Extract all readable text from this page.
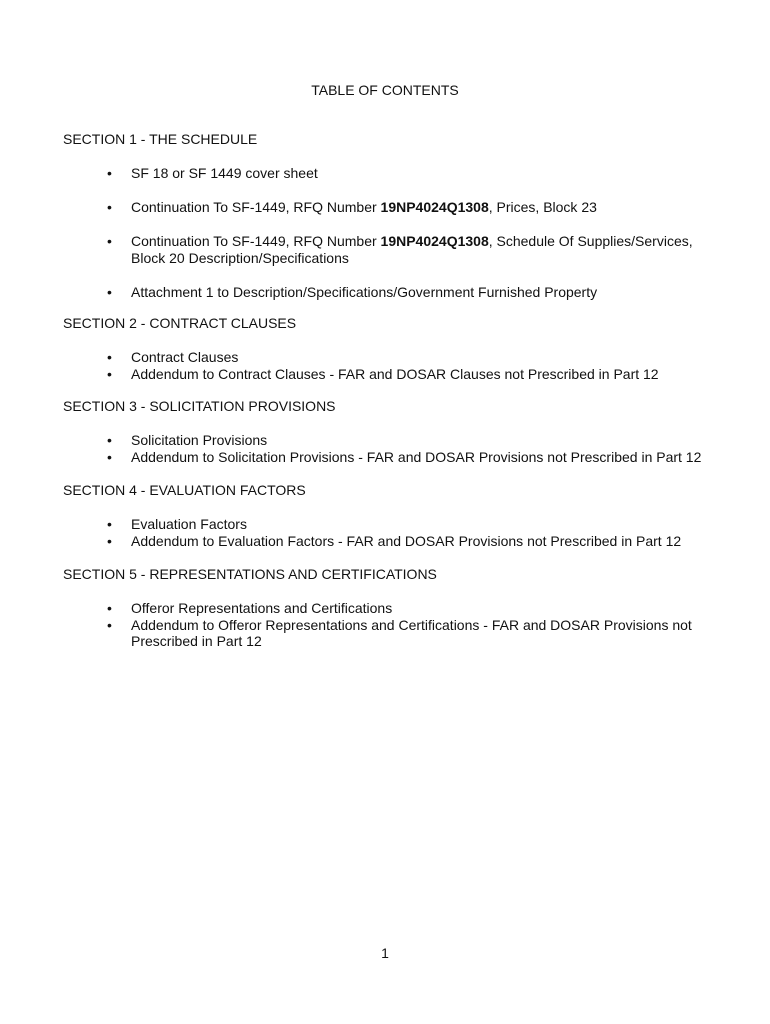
TABLE OF CONTENTS
SECTION 1 - THE SCHEDULE
• SF 18 or SF 1449 cover sheet
• Continuation To SF-1449, RFQ Number 19NP4024Q1308, Prices, Block 23
• Continuation To SF-1449, RFQ Number 19NP4024Q1308, Schedule Of Supplies/Services, Block 20 Description/Specifications
• Attachment 1 to Description/Specifications/Government Furnished Property
SECTION 2 - CONTRACT CLAUSES
• Contract Clauses
• Addendum to Contract Clauses - FAR and DOSAR Clauses not Prescribed in Part 12
SECTION 3 - SOLICITATION PROVISIONS
• Solicitation Provisions
• Addendum to Solicitation Provisions - FAR and DOSAR Provisions not Prescribed in Part 12
SECTION 4 - EVALUATION FACTORS
• Evaluation Factors
• Addendum to Evaluation Factors - FAR and DOSAR Provisions not Prescribed in Part 12
SECTION 5 - REPRESENTATIONS AND CERTIFICATIONS
• Offeror Representations and Certifications
• Addendum to Offeror Representations and Certifications - FAR and DOSAR Provisions not Prescribed in Part 12
1
